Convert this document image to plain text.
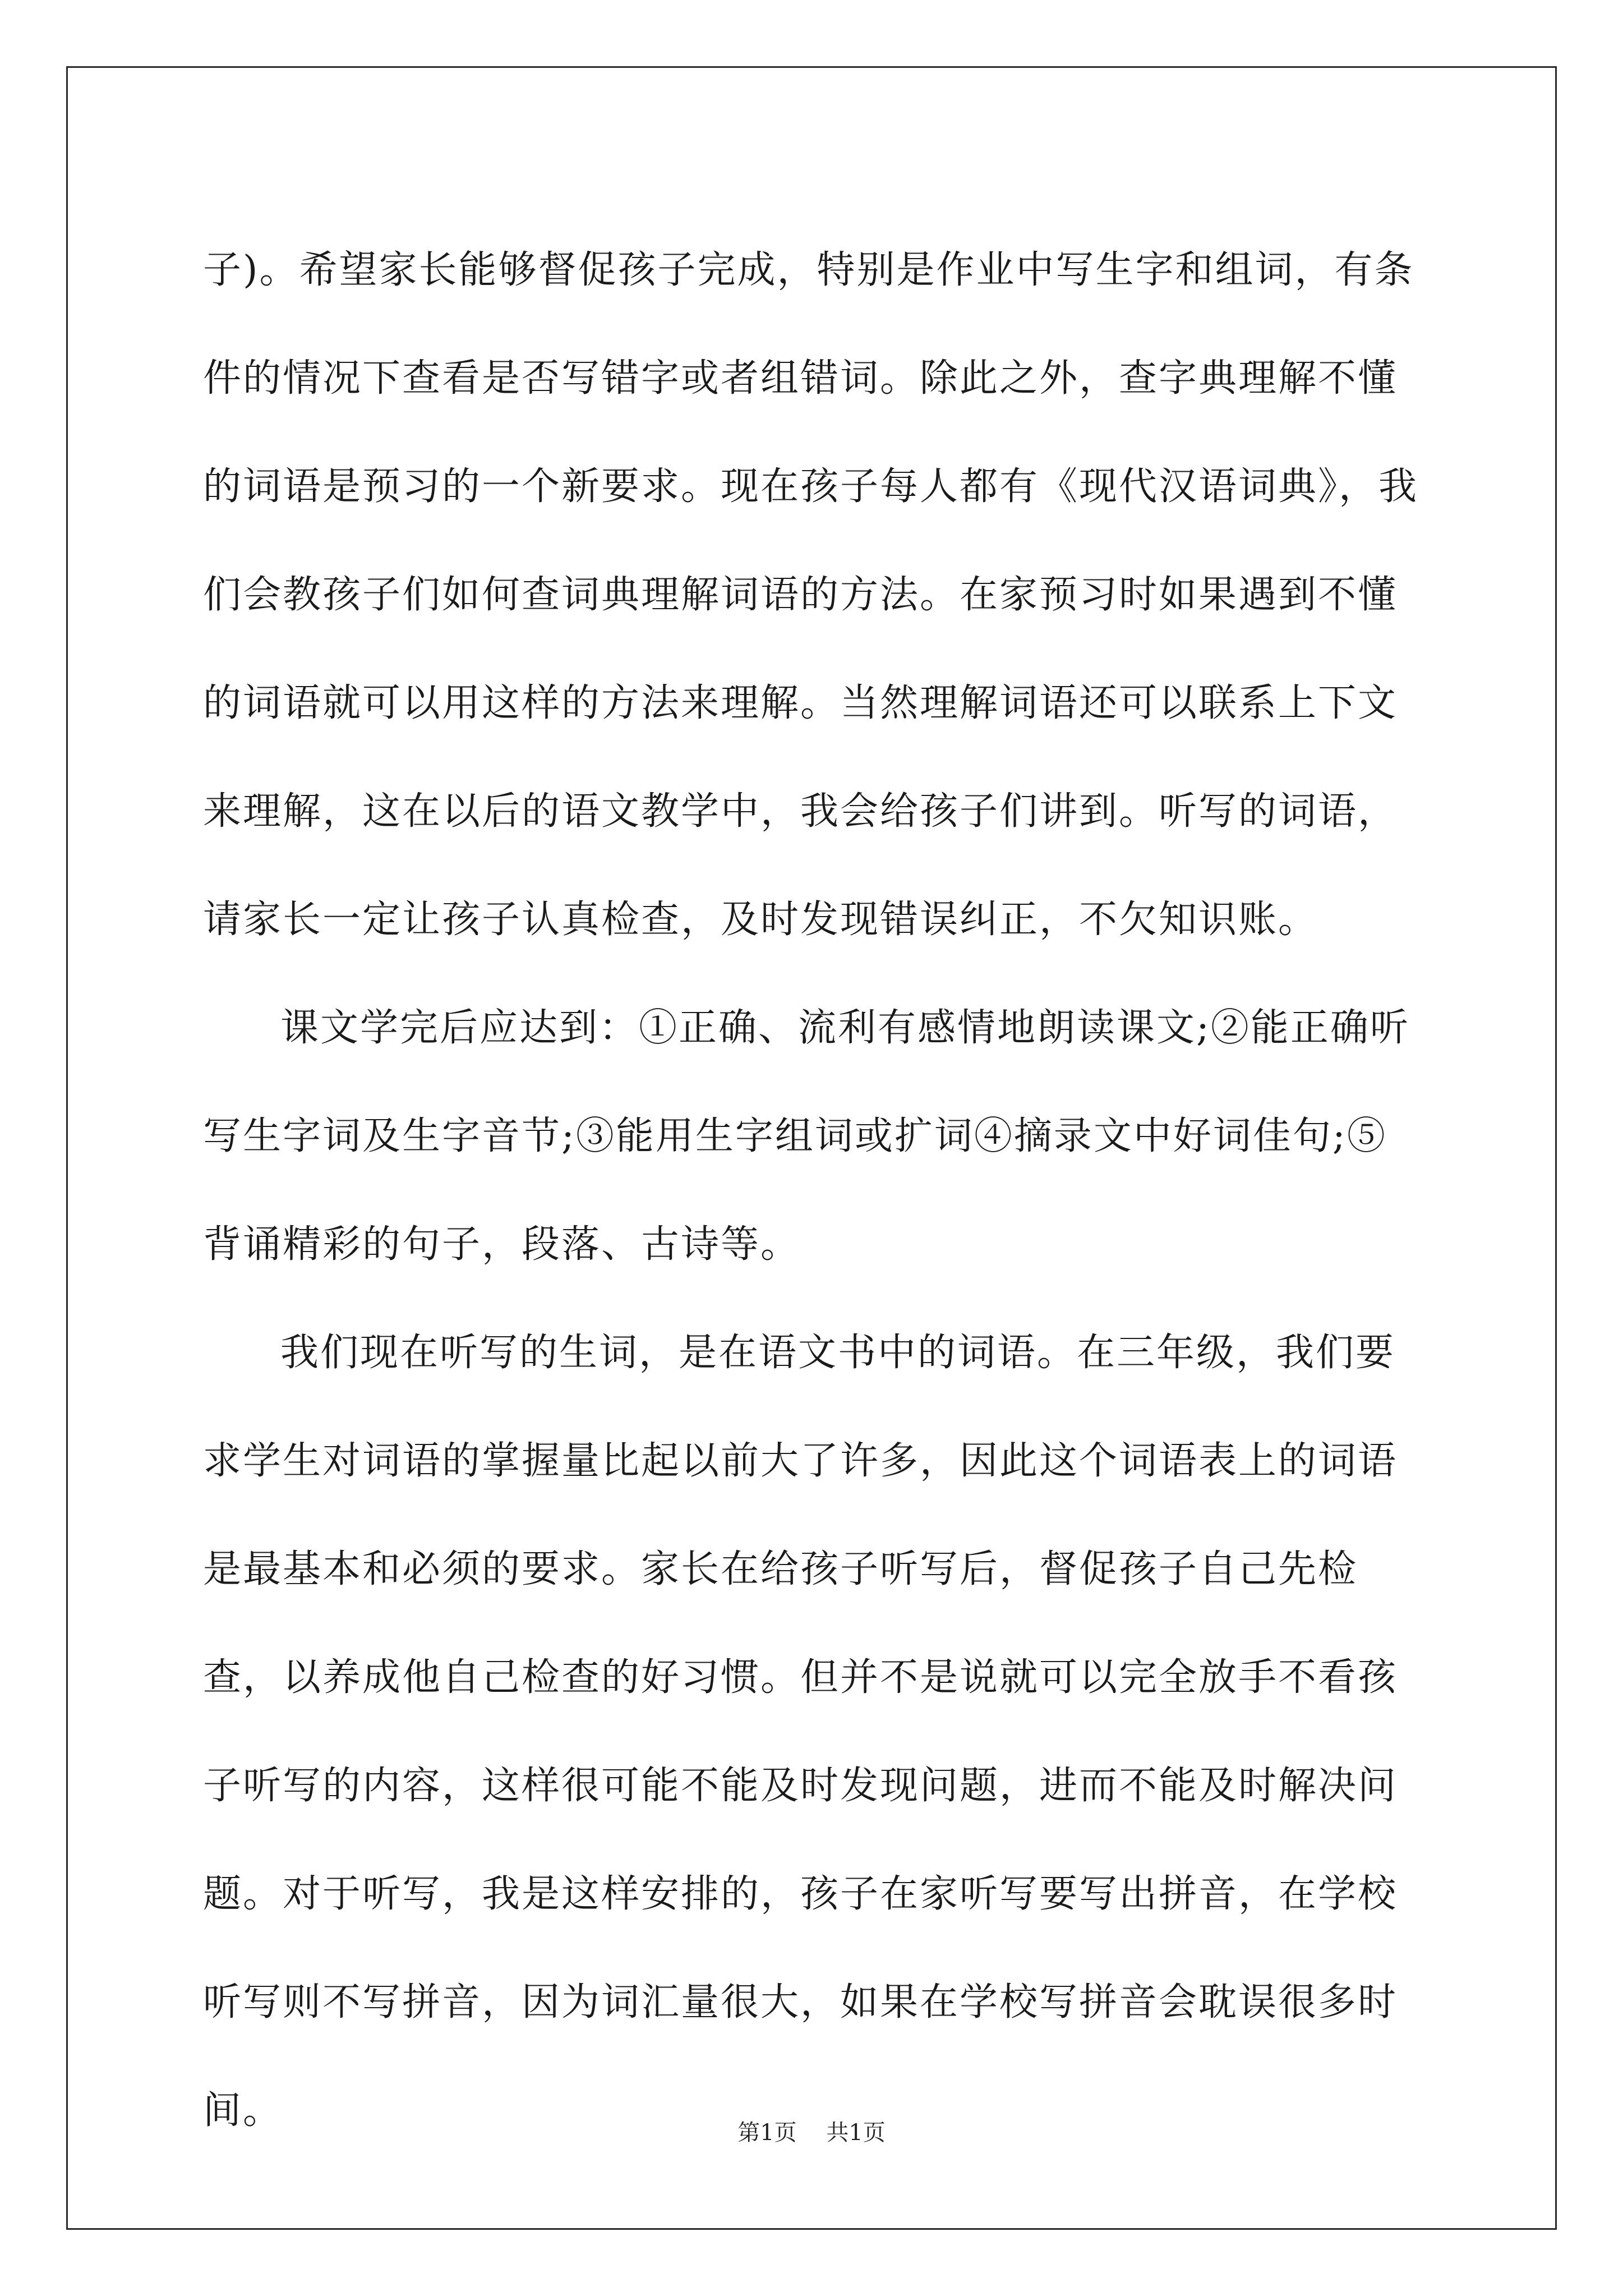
子)。希望家长能够督促孩子完成，特别是作业中写生字和组词，有条件的情况下查看是否写错字或者组错词。除此之外，查字典理解不懂的词语是预习的一个新要求。现在孩子每人都有《现代汉语词典》，我们会教孩子们如何查词典理解词语的方法。在家预习时如果遇到不懂的词语就可以用这样的方法来理解。当然理解词语还可以联系上下文来理解，这在以后的语文教学中，我会给孩子们讲到。听写的词语，请家长一定让孩子认真检查，及时发现错误纠正，不欠知识账。

课文学完后应达到：①正确、流利有感情地朗读课文;②能正确听写生字词及生字音节;③能用生字组词或扩词④摘录文中好词佳句;⑤背诵精彩的句子，段落、古诗等。

我们现在听写的生词，是在语文书中的词语。在三年级，我们要求学生对词语的掌握量比起以前大了许多，因此这个词语表上的词语是最基本和必须的要求。家长在给孩子听写后，督促孩子自己先检查，以养成他自己检查的好习惯。但并不是说就可以完全放手不看孩子听写的内容，这样很可能不能及时发现问题，进而不能及时解决问题。对于听写，我是这样安排的，孩子在家听写要写出拼音，在学校听写则不写拼音，因为词汇量很大，如果在学校写拼音会耽误很多时间。	第1页 共1页
